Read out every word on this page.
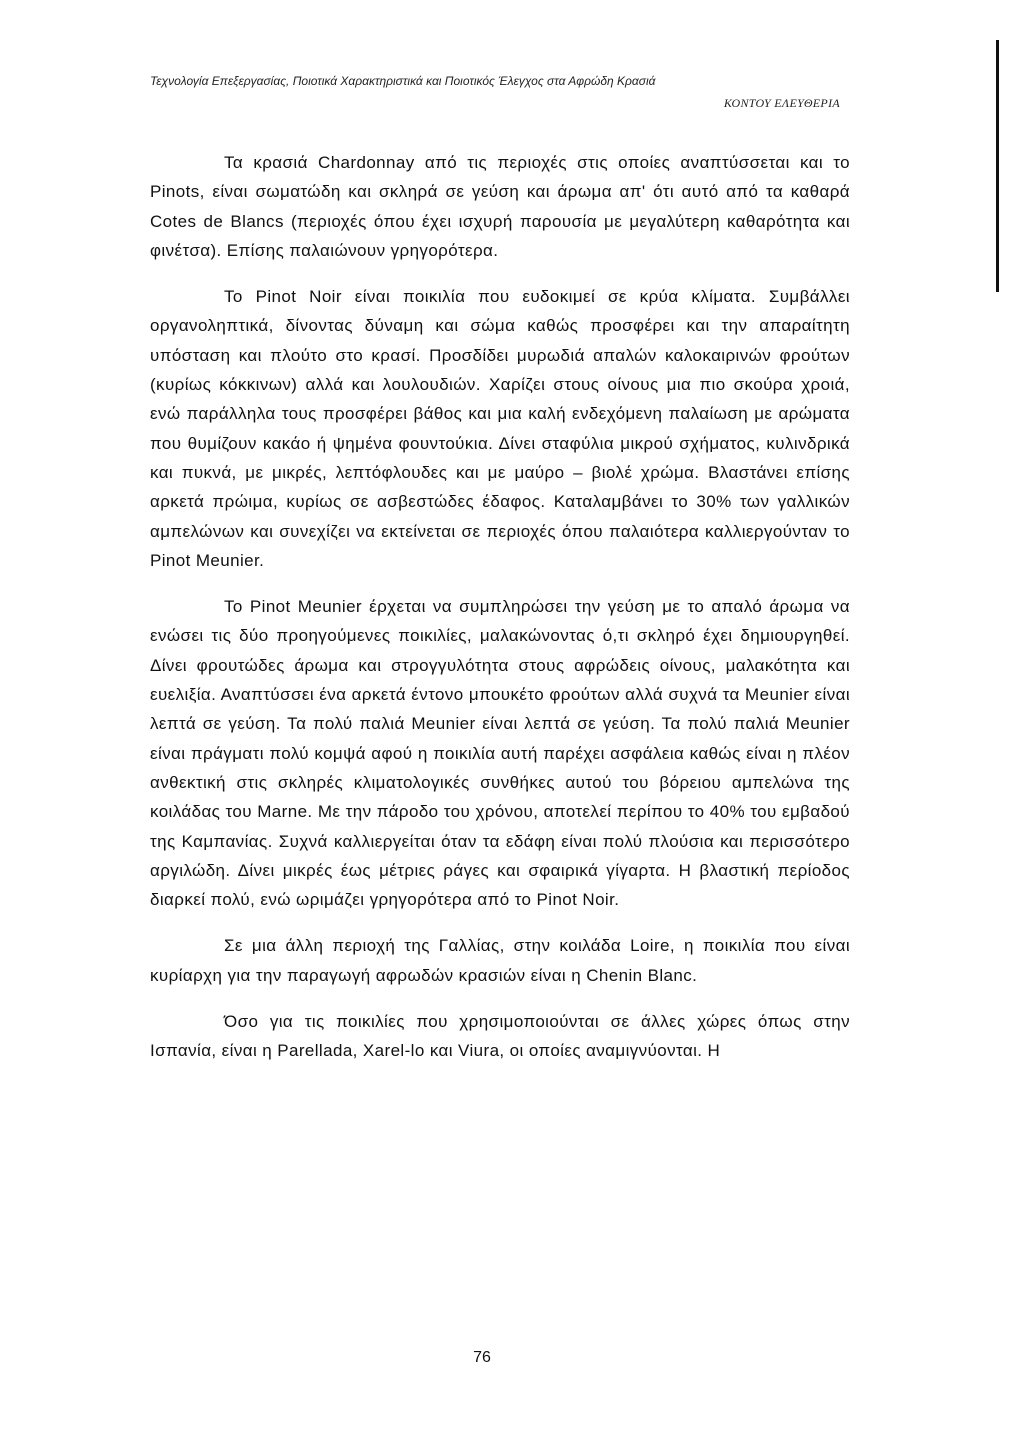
Τεχνολογία Επεξεργασίας, Ποιοτικά Χαρακτηριστικά και Ποιοτικός Έλεγχος στα Αφρώδη Κρασιά
ΚΟΝΤΟΥ ΕΛΕΥΘΕΡΙΑ

Τα κρασιά Chardonnay από τις περιοχές στις οποίες αναπτύσσεται και το Pinots, είναι σωματώδη και σκληρά σε γεύση και άρωμα απ' ότι αυτό από τα καθαρά Cotes de Blancs (περιοχές όπου έχει ισχυρή παρουσία με μεγαλύτερη καθαρότητα και φινέτσα). Επίσης παλαιώνουν γρηγορότερα.

Το Pinot Noir είναι ποικιλία που ευδοκιμεί σε κρύα κλίματα. Συμβάλλει οργανοληπτικά, δίνοντας δύναμη και σώμα καθώς προσφέρει και την απαραίτητη υπόσταση και πλούτο στο κρασί. Προσδίδει μυρωδιά απαλών καλοκαιρινών φρούτων (κυρίως κόκκινων) αλλά και λουλουδιών. Χαρίζει στους οίνους μια πιο σκούρα χροιά, ενώ παράλληλα τους προσφέρει βάθος και μια καλή ενδεχόμενη παλαίωση με αρώματα που θυμίζουν κακάο ή ψημένα φουντούκια. Δίνει σταφύλια μικρού σχήματος, κυλινδρικά και πυκνά, με μικρές, λεπτόφλουδες και με μαύρο – βιολέ χρώμα. Βλαστάνει επίσης αρκετά πρώιμα, κυρίως σε ασβεστώδες έδαφος. Καταλαμβάνει το 30% των γαλλικών αμπελώνων και συνεχίζει να εκτείνεται σε περιοχές όπου παλαιότερα καλλιεργούνταν το Pinot Meunier.

Το Pinot Meunier έρχεται να συμπληρώσει την γεύση με το απαλό άρωμα να ενώσει τις δύο προηγούμενες ποικιλίες, μαλακώνοντας ό,τι σκληρό έχει δημιουργηθεί. Δίνει φρουτώδες άρωμα και στρογγυλότητα στους αφρώδεις οίνους, μαλακότητα και ευελιξία. Αναπτύσσει ένα αρκετά έντονο μπουκέτο φρούτων αλλά συχνά τα Meunier είναι λεπτά σε γεύση. Τα πολύ παλιά Meunier είναι λεπτά σε γεύση. Τα πολύ παλιά Meunier είναι πράγματι πολύ κομψά αφού η ποικιλία αυτή παρέχει ασφάλεια καθώς είναι η πλέον ανθεκτική στις σκληρές κλιματολογικές συνθήκες αυτού του βόρειου αμπελώνα της κοιλάδας του Marne. Με την πάροδο του χρόνου, αποτελεί περίπου το 40% του εμβαδού της Καμπανίας. Συχνά καλλιεργείται όταν τα εδάφη είναι πολύ πλούσια και περισσότερο αργιλώδη. Δίνει μικρές έως μέτριες ράγες και σφαιρικά γίγαρτα. Η βλαστική περίοδος διαρκεί πολύ, ενώ ωριμάζει γρηγορότερα από το Pinot Noir.

Σε μια άλλη περιοχή της Γαλλίας, στην κοιλάδα Loire, η ποικιλία που είναι κυρίαρχη για την παραγωγή αφρωδών κρασιών είναι η Chenin Blanc.

Όσο για τις ποικιλίες που χρησιμοποιούνται σε άλλες χώρες όπως στην Ισπανία, είναι η Parellada, Xarel-lo και Viura, οι οποίες αναμιγνύονται. Η

76
